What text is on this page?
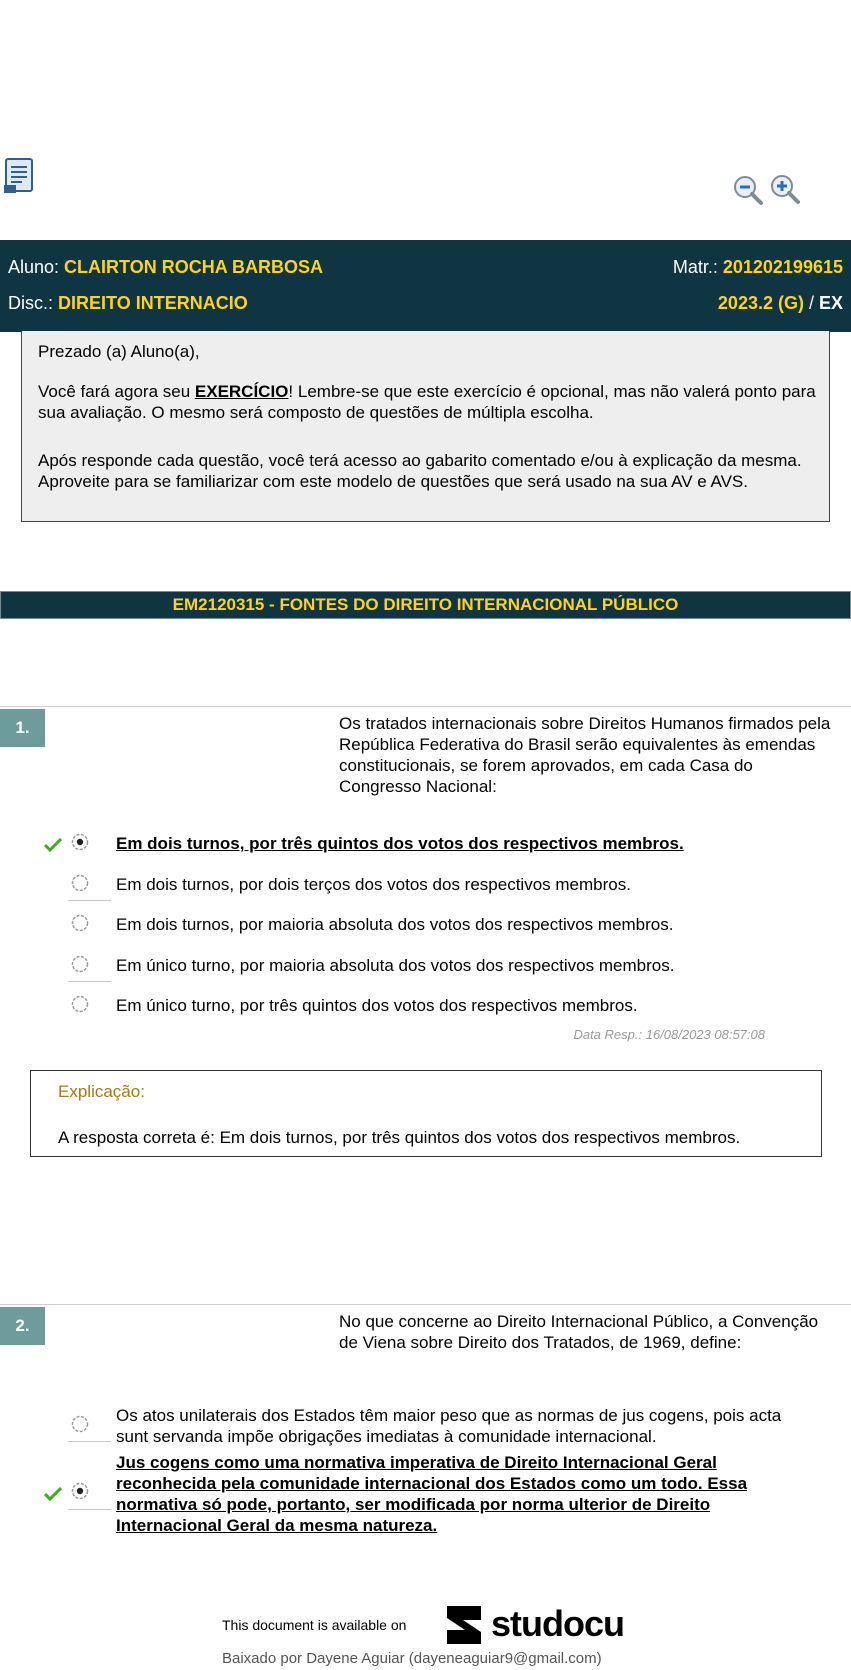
Aluno: CLAIRTON ROCHA BARBOSA	Matr.: 201202199615
Disc.: DIREITO INTERNACIO	2023.2 (G) / EX

Prezado (a) Aluno(a),

Você fará agora seu EXERCÍCIO! Lembre-se que este exercício é opcional, mas não valerá ponto para sua avaliação. O mesmo será composto de questões de múltipla escolha.

Após responde cada questão, você terá acesso ao gabarito comentado e/ou à explicação da mesma. Aproveite para se familiarizar com este modelo de questões que será usado na sua AV e AVS.

EM2120315 - FONTES DO DIREITO INTERNACIONAL PÚBLICO
1.	Os tratados internacionais sobre Direitos Humanos firmados pela República Federativa do Brasil serão equivalentes às emendas constitucionais, se forem aprovados, em cada Casa do Congresso Nacional:
Em dois turnos, por três quintos dos votos dos respectivos membros.
Em dois turnos, por dois terços dos votos dos respectivos membros.
Em dois turnos, por maioria absoluta dos votos dos respectivos membros.
Em único turno, por maioria absoluta dos votos dos respectivos membros.
Em único turno, por três quintos dos votos dos respectivos membros.
Data Resp.: 16/08/2023 08:57:08
Explicação:
A resposta correta é: Em dois turnos, por três quintos dos votos dos respectivos membros.
2.	No que concerne ao Direito Internacional Público, a Convenção de Viena sobre Direito dos Tratados, de 1969, define:
Os atos unilaterais dos Estados têm maior peso que as normas de jus cogens, pois acta sunt servanda impõe obrigações imediatas à comunidade internacional.
Jus cogens como uma normativa imperativa de Direito Internacional Geral reconhecida pela comunidade internacional dos Estados como um todo. Essa normativa só pode, portanto, ser modificada por norma ulterior de Direito Internacional Geral da mesma natureza.
This document is available on studocu
Baixado por Dayene Aguiar (dayeneaguiar9@gmail.com)
